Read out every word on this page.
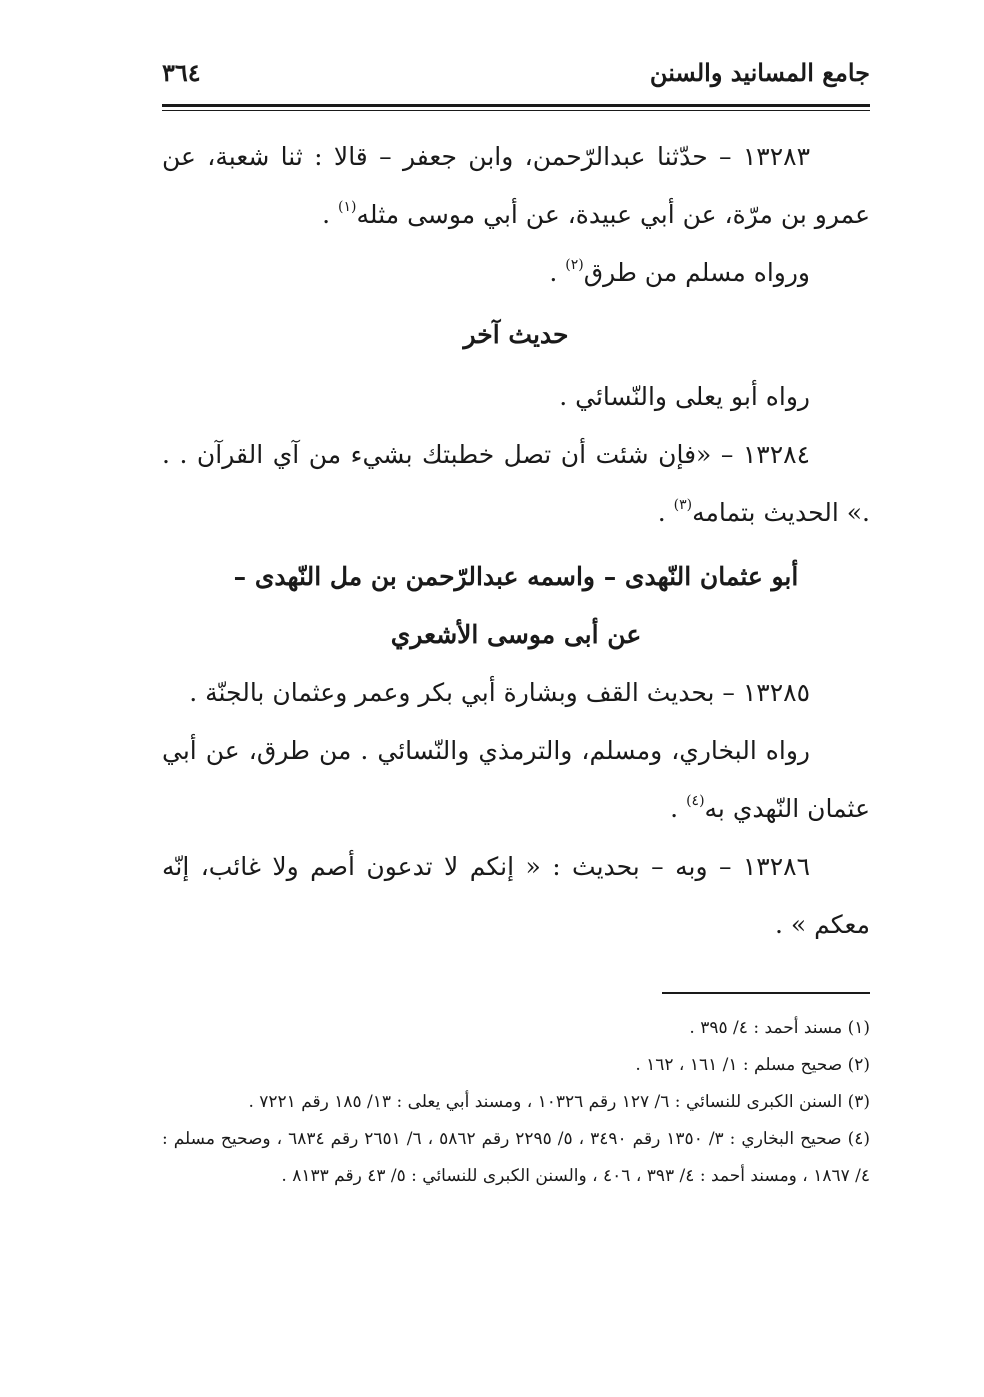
جامع المسانيد والسنن
٣٦٤

١٣٢٨٣ – حدّثنا عبدالرّحمن، وابن جعفر – قالا : ثنا شعبة، عن عمرو بن مرّة، عن أبي عبيدة، عن أبي موسى مثله$^{(١)}$ .

ورواه مسلم من طرق$^{(٢)}$ .

حديث آخر

رواه أبو يعلى والنّسائي .

١٣٢٨٤ – «فإن شئت أن تصل خطبتك بشيء من آي القرآن . . .» الحديث بتمامه$^{(٣)}$ .

أبو عثمان النّهدى – واسمه عبدالرّحمن بن مل النّهدى –

عن أبى موسى الأشعري

١٣٢٨٥ – بحديث القف وبشارة أبي بكر وعمر وعثمان بالجنّة .

رواه البخاري، ومسلم، والترمذي والنّسائي . من طرق، عن أبي عثمان النّهدي به$^{(٤)}$ .

١٣٢٨٦ – وبه – بحديث : « إنكم لا تدعون أصم ولا غائب، إنّه معكم » .

(١) مسند أحمد : ٤/ ٣٩٥ .

(٢) صحيح مسلم : ١/ ١٦١ ، ١٦٢ .

(٣) السنن الكبرى للنسائي : ٦/ ١٢٧ رقم ١٠٣٢٦ ، ومسند أبي يعلى : ١٣/ ١٨٥ رقم ٧٢٢١ .

(٤) صحيح البخاري : ٣/ ١٣٥٠ رقم ٣٤٩٠ ، ٥/ ٢٢٩٥ رقم ٥٨٦٢ ، ٦/ ٢٦٥١ رقم ٦٨٣٤ ، وصحيح مسلم : ٤/ ١٨٦٧ ، ومسند أحمد : ٤/ ٣٩٣ ، ٤٠٦ ، والسنن الكبرى للنسائي : ٥/ ٤٣ رقم ٨١٣٣ .
